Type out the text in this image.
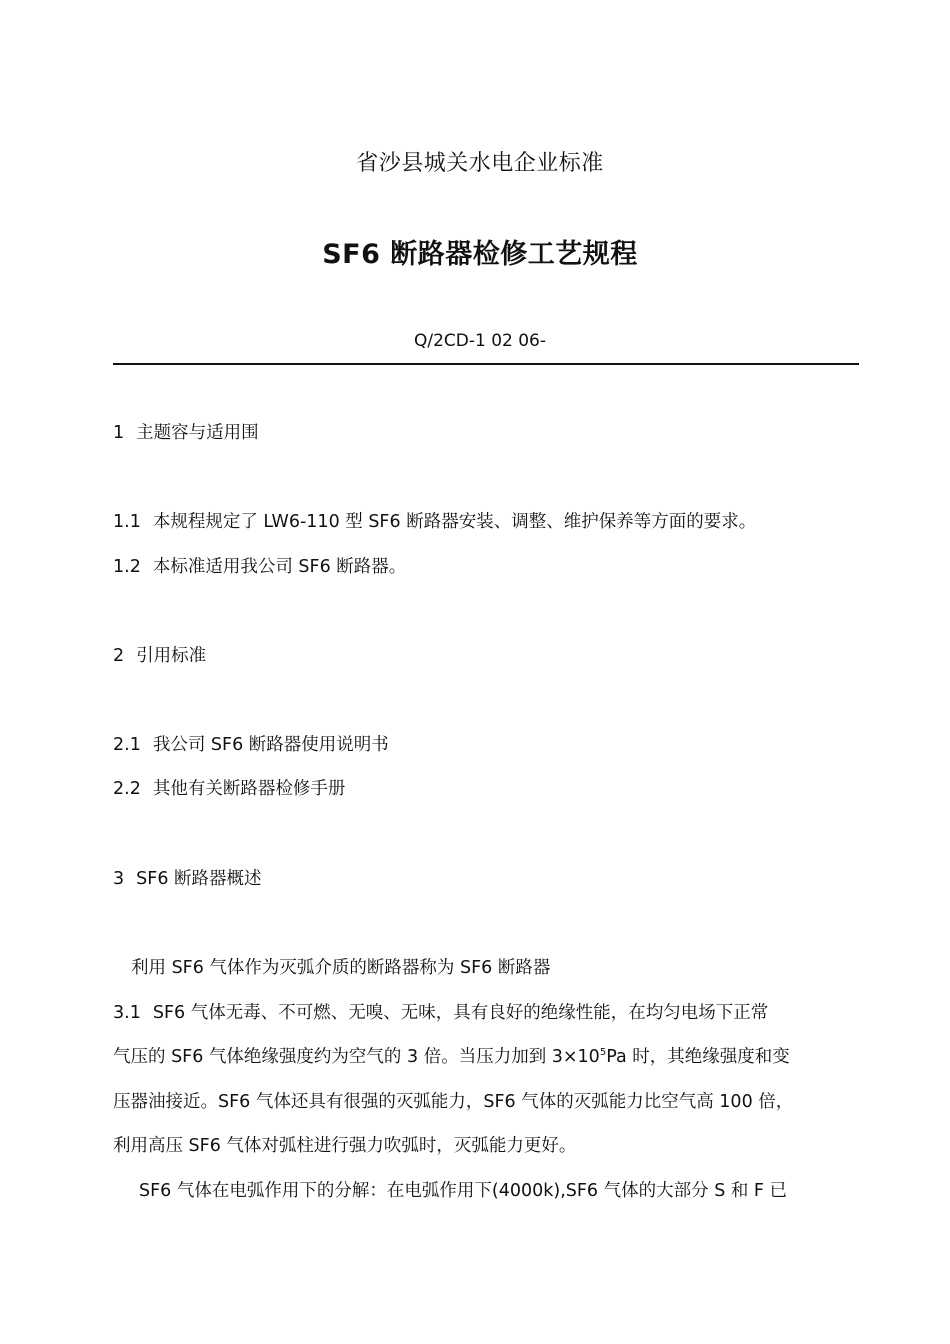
省沙县城关水电企业标准
SF6 断路器检修工艺规程
Q/2CD-1 02 06-
1 主题容与适用围
1.1 本规程规定了 LW6-110 型 SF6 断路器安装、调整、维护保养等方面的要求。
1.2 本标准适用我公司 SF6 断路器。
2 引用标准
2.1 我公司 SF6 断路器使用说明书
2.2 其他有关断路器检修手册
3 SF6 断路器概述
利用 SF6 气体作为灭弧介质的断路器称为 SF6 断路器
3.1 SF6 气体无毒、不可燃、无嗅、无味，具有良好的绝缘性能，在均匀电场下正常
气压的 SF6 气体绝缘强度约为空气的 3 倍。当压力加到 $3\times 10^5Pa$ 时，其绝缘强度和变
压器油接近。SF6 气体还具有很强的灭弧能力，SF6 气体的灭弧能力比空气高 100 倍，
利用高压 SF6 气体对弧柱进行强力吹弧时，灭弧能力更好。
SF6 气体在电弧作用下的分解：在电弧作用下(4000k),SF6 气体的大部分 S 和 F 已
